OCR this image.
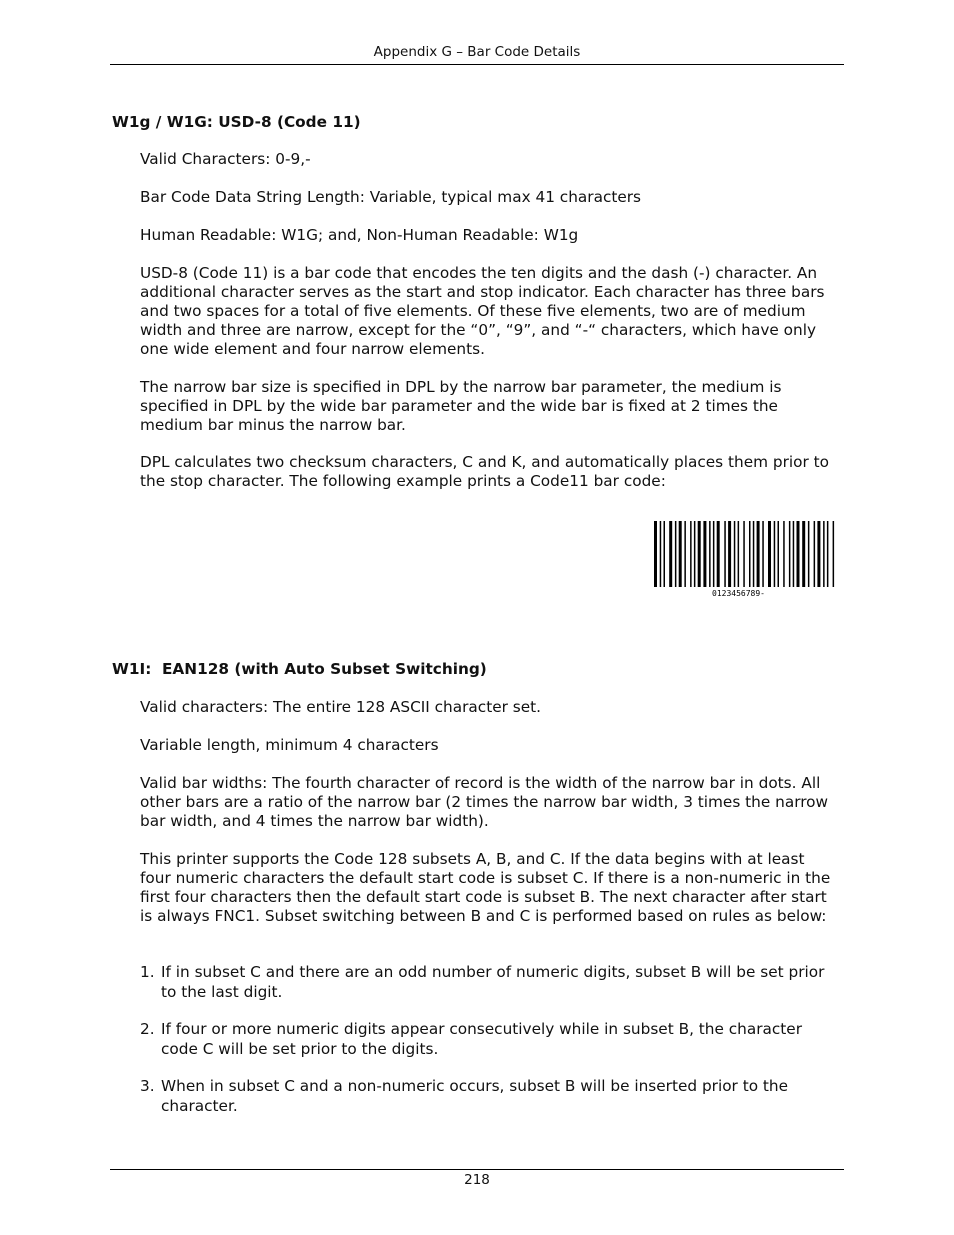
Appendix G – Bar Code Details
W1g / W1G: USD-8 (Code 11)
Valid Characters: 0-9,-
Bar Code Data String Length: Variable, typical max 41 characters
Human Readable: W1G; and, Non-Human Readable: W1g
USD-8 (Code 11) is a bar code that encodes the ten digits and the dash (-) character. An additional character serves as the start and stop indicator. Each character has three bars and two spaces for a total of five elements. Of these five elements, two are of medium width and three are narrow, except for the “0”, “9”, and “-“ characters, which have only one wide element and four narrow elements.
The narrow bar size is specified in DPL by the narrow bar parameter, the medium is specified in DPL by the wide bar parameter and the wide bar is fixed at 2 times the medium bar minus the narrow bar.
DPL calculates two checksum characters, C and K, and automatically places them prior to the stop character. The following example prints a Code11 bar code:
0123456789-
W1I:  EAN128 (with Auto Subset Switching)
Valid characters: The entire 128 ASCII character set.
Variable length, minimum 4 characters
Valid bar widths: The fourth character of record is the width of the narrow bar in dots. All other bars are a ratio of the narrow bar (2 times the narrow bar width, 3 times the narrow bar width, and 4 times the narrow bar width).
This printer supports the Code 128 subsets A, B, and C. If the data begins with at least four numeric characters the default start code is subset C. If there is a non-numeric in the first four characters then the default start code is subset B. The next character after start is always FNC1. Subset switching between B and C is performed based on rules as below:
1. If in subset C and there are an odd number of numeric digits, subset B will be set prior to the last digit.
2. If four or more numeric digits appear consecutively while in subset B, the character code C will be set prior to the digits.
3. When in subset C and a non-numeric occurs, subset B will be inserted prior to the character.
218
